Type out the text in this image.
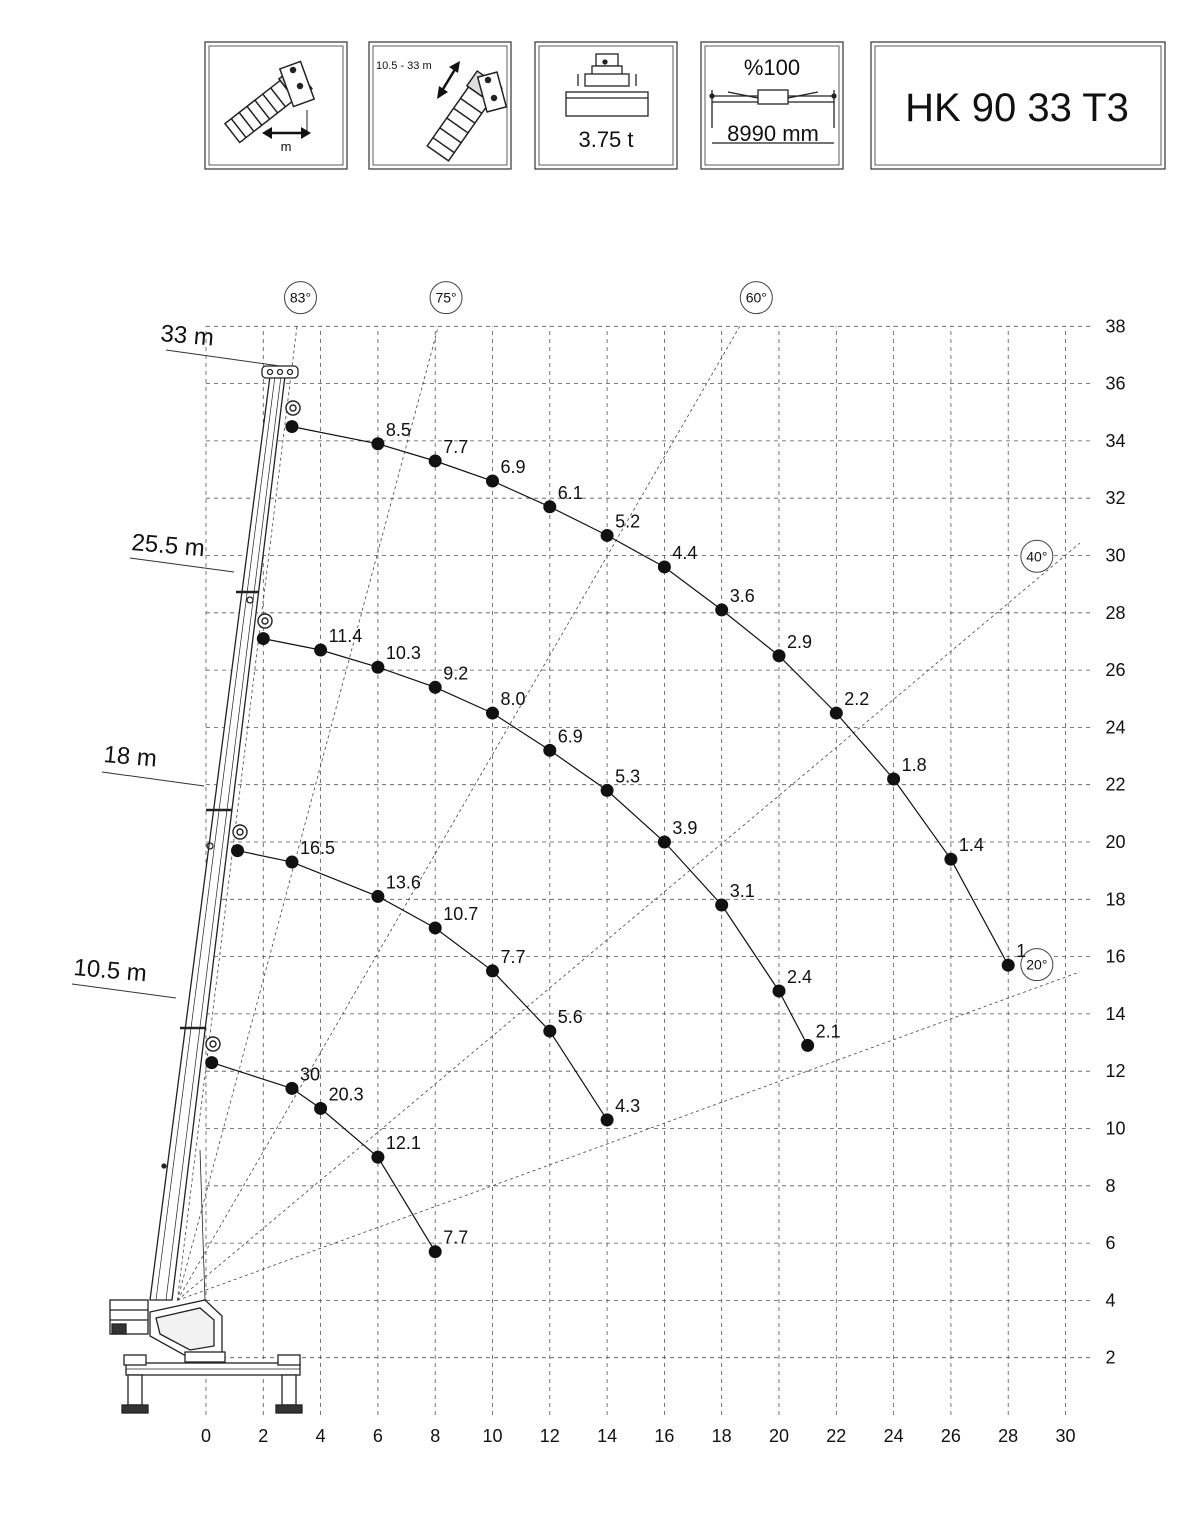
m
10.5 - 33 m
3.75 t
%100
8990 mm
HK 90 33 T3
83°	75°	60°
40°
20°
33 m
25.5 m
18 m
10.5 m
8.5
7.7
6.9
6.1
5.2
4.4
3.6
2.9
2.2
1.8
1.4
1
11.4
10.3
9.2
8.0
6.9
5.3
3.9
3.1
2.4
2.1
16.5
13.6
10.7
7.7
5.6
4.3
30
20.3
12.1
7.7
0	2	4	6	8 10 12 14 16 18 20 22 24 26 28 30
2
4
6
8
10
12
14
16
18
20
22
24
26
28
30
32
34
36
38
